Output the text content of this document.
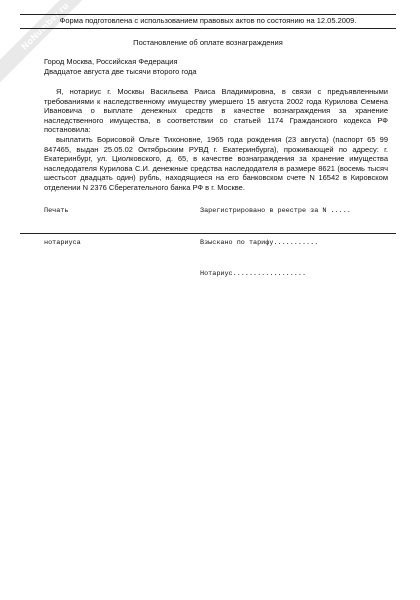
NoNumber.ru
Форма подготовлена с использованием правовых актов по состоянию на 12.05.2009.
Постановление об оплате вознаграждения
Город Москва, Российская Федерация
Двадцатое августа две тысячи второго года

Я, нотариус г. Москвы Васильева Раиса Владимировна, в связи с предъявленными требованиями к наследственному имуществу умершего 15 августа 2002 года Курилова Семена Ивановича о выплате денежных средств в качестве вознаграждения за хранение наследственного имущества, в соответствии со статьей 1174 Гражданского кодекса РФ постановила:

выплатить Борисовой Ольге Тихоновне, 1965 года рождения (23 августа) (паспорт 65 99 847465, выдан 25.05.02 Октябрьским РУВД г. Екатеринбурга), проживающей по адресу: г. Екатеринбург, ул. Циолковского, д. 65, в качестве вознаграждения за хранение имущества наследодателя Курилова С.И. денежные средства наследодателя в размере 8621 (восемь тысяч шестьсот двадцать один) рубль, находящиеся на его банковском счете N 16542 в Кировском отделении N 2376 Сберегательного банка РФ в г. Москве.

Печать

нотариуса

Зарегистрировано в реестре за N .....

Взыскано по тарифу...........

Нотариус..................
